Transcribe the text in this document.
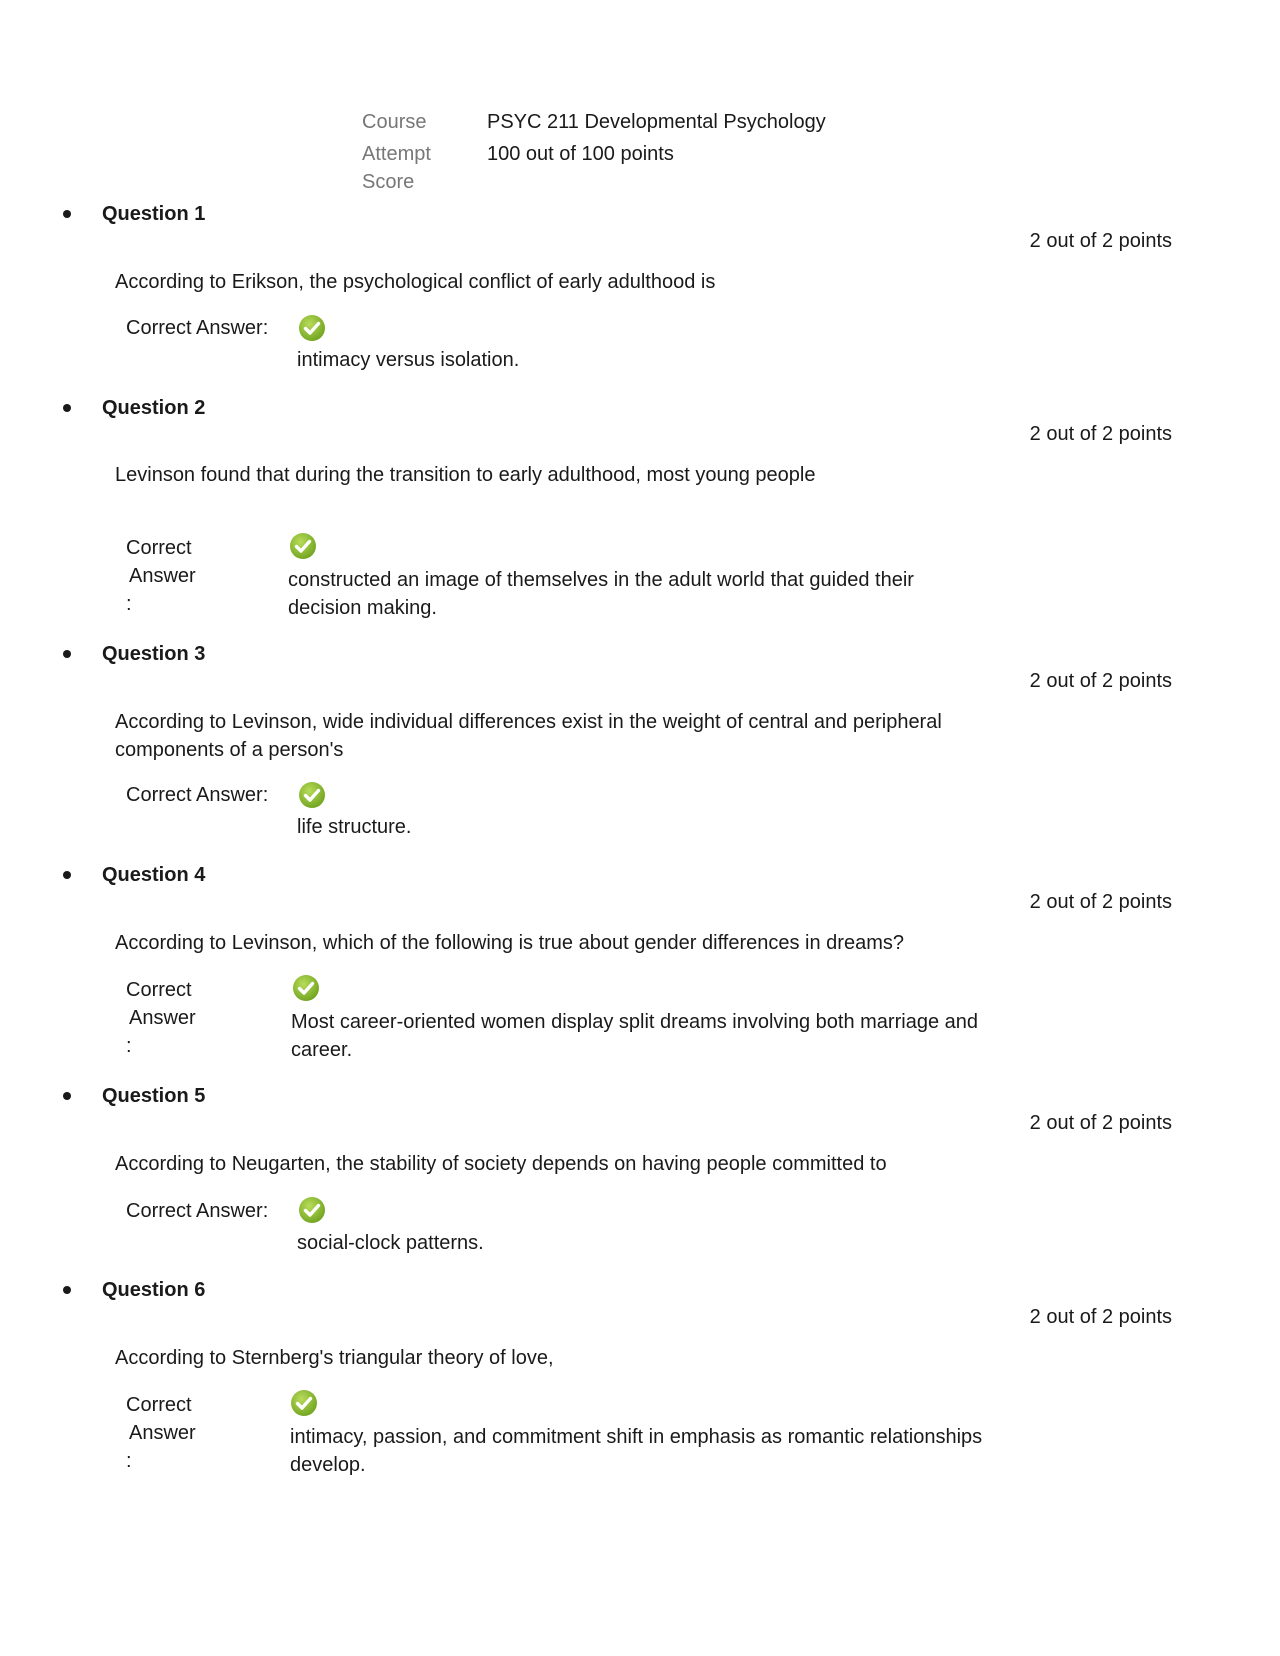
Course	PSYC 211 Developmental Psychology
Attempt
Score
100 out of 100 points
Question 1
2 out of 2 points
According to Erikson, the psychological conflict of early adulthood is
Correct Answer:
intimacy versus isolation.
Question 2
2 out of 2 points
Levinson found that during the transition to early adulthood, most young people
Correct
Answer
:
constructed an image of themselves in the adult world that guided their decision making.
Question 3
2 out of 2 points
According to Levinson, wide individual differences exist in the weight of central and peripheral components of a person's
Correct Answer:
life structure.
Question 4
2 out of 2 points
According to Levinson, which of the following is true about gender differences in dreams?
Correct
Answer
:
Most career-oriented women display split dreams involving both marriage and career.
Question 5
2 out of 2 points
According to Neugarten, the stability of society depends on having people committed to
Correct Answer:
social-clock patterns.
Question 6
2 out of 2 points
According to Sternberg's triangular theory of love,
Correct
Answer
:
intimacy, passion, and commitment shift in emphasis as romantic relationships develop.
